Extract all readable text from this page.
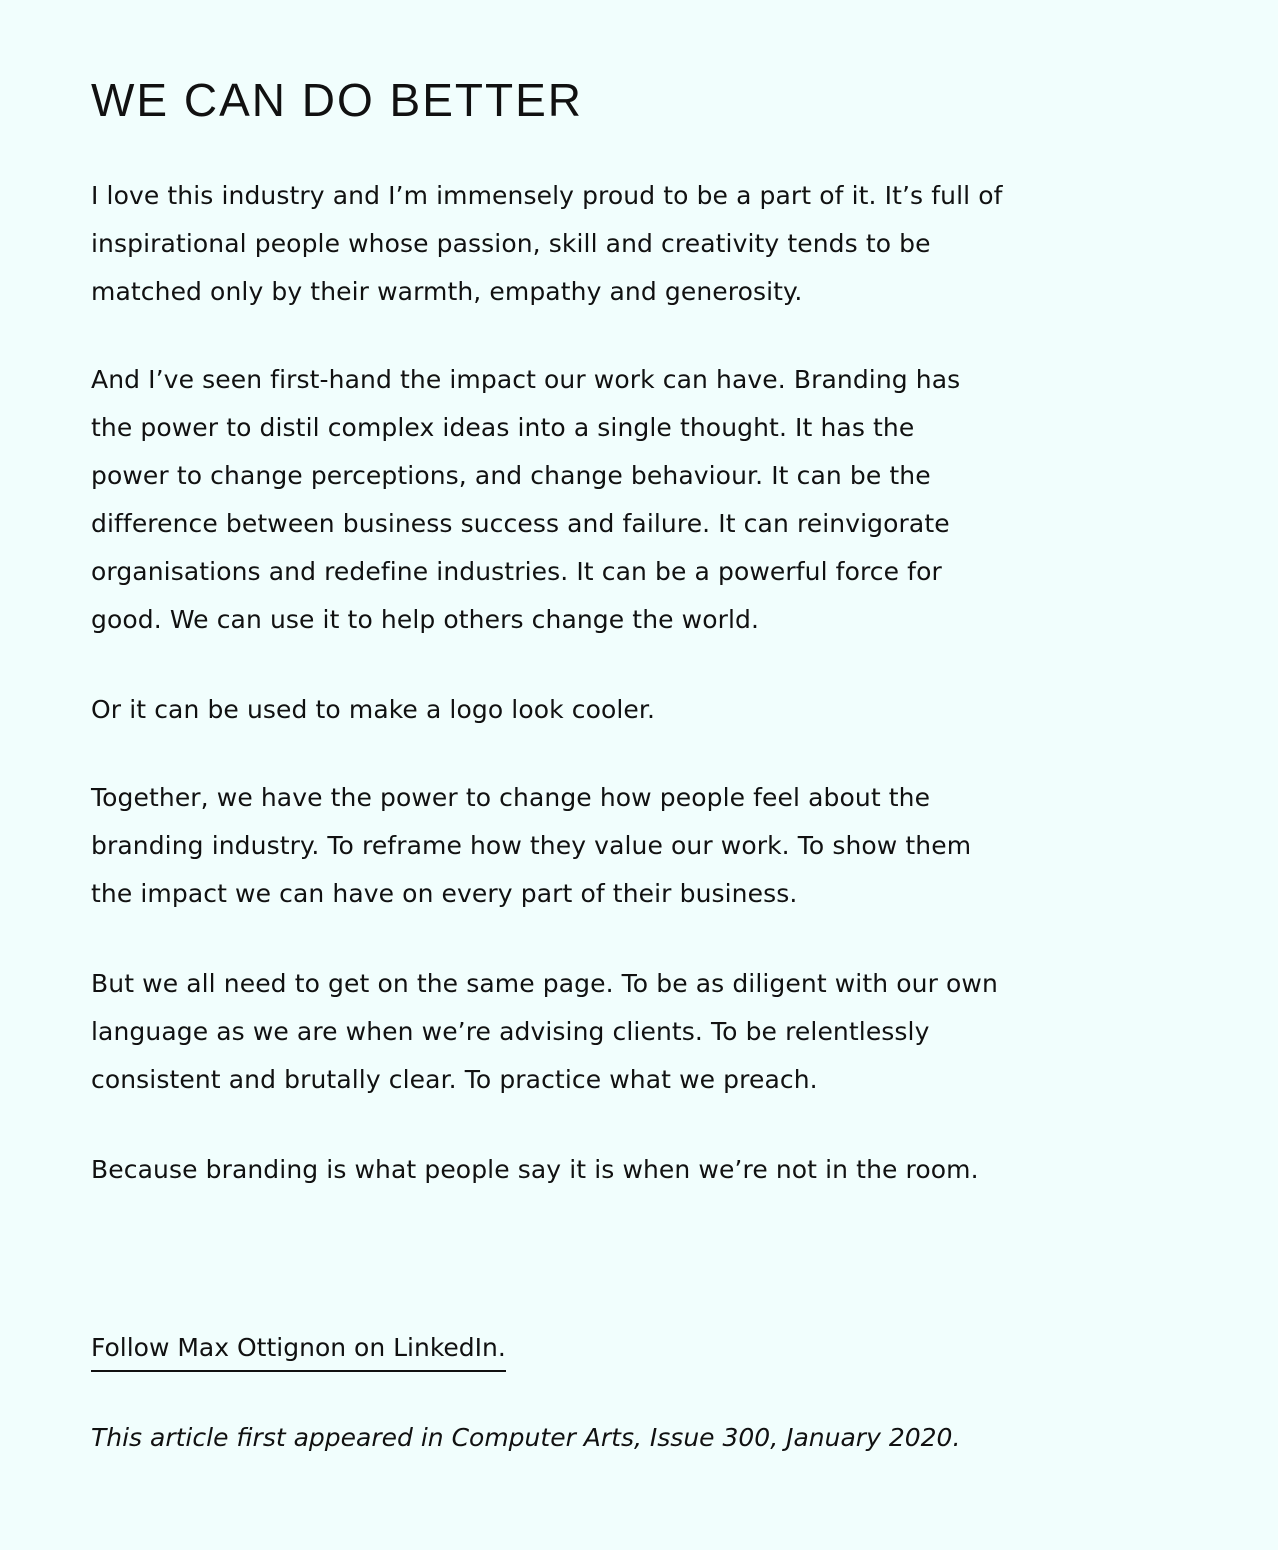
WE CAN DO BETTER

I love this industry and I’m immensely proud to be a part of it. It’s full of
inspirational people whose passion, skill and creativity tends to be
matched only by their warmth, empathy and generosity.

And I’ve seen first-hand the impact our work can have. Branding has
the power to distil complex ideas into a single thought. It has the
power to change perceptions, and change behaviour. It can be the
difference between business success and failure. It can reinvigorate
organisations and redefine industries. It can be a powerful force for
good. We can use it to help others change the world.

Or it can be used to make a logo look cooler.

Together, we have the power to change how people feel about the
branding industry. To reframe how they value our work. To show them
the impact we can have on every part of their business.

But we all need to get on the same page. To be as diligent with our own
language as we are when we’re advising clients. To be relentlessly
consistent and brutally clear. To practice what we preach.

Because branding is what people say it is when we’re not in the room.

Follow Max Ottignon on LinkedIn.

This article first appeared in Computer Arts, Issue 300, January 2020.
